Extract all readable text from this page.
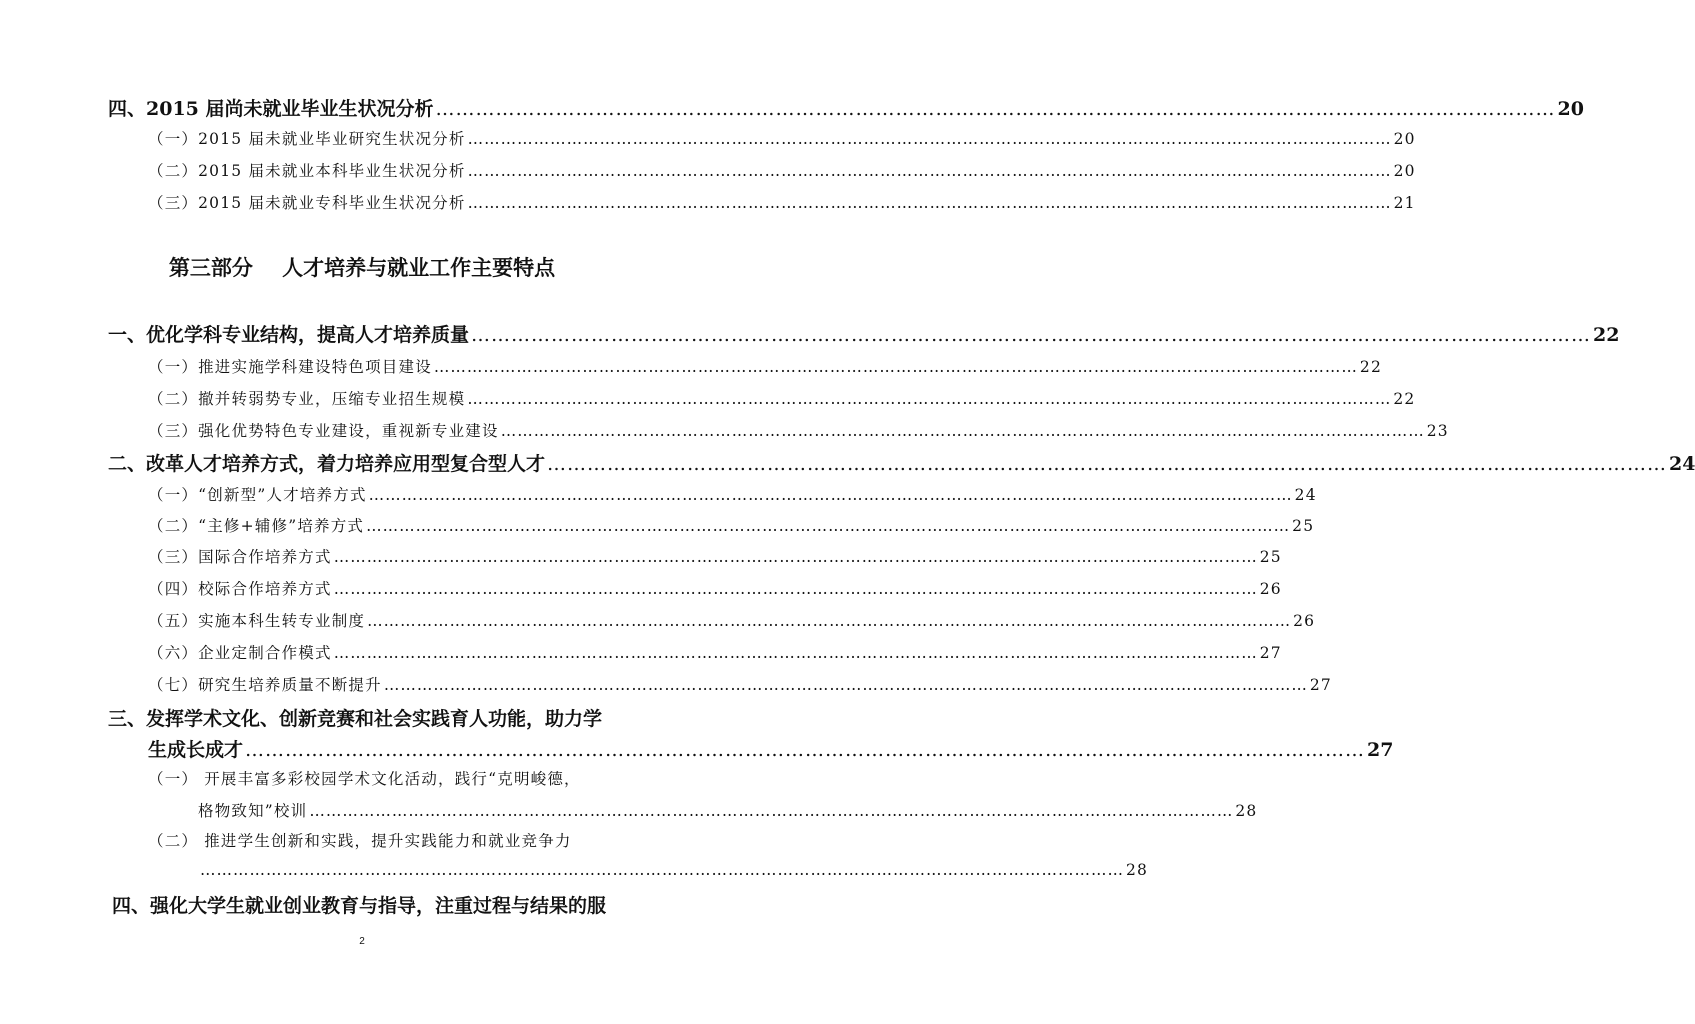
四、2015 届尚未就业毕业生状况分析 …………………………………………………………………………………………………………………………………………………… 20
（一）2015 届未就业毕业研究生状况分析 …………………………………………………………………………………………………………………………………………………… 20
（二）2015 届未就业本科毕业生状况分析 …………………………………………………………………………………………………………………………………………………… 20
（三）2015 届未就业专科毕业生状况分析 …………………………………………………………………………………………………………………………………………………… 21
第三部分    人才培养与就业工作主要特点
一、优化学科专业结构，提高人才培养质量 …………………………………………………………………………………………………………………………………………………… 22
（一）推进实施学科建设特色项目建设 …………………………………………………………………………………………………………………………………………………… 22
（二）撤并转弱势专业，压缩专业招生规模 …………………………………………………………………………………………………………………………………………………… 22
（三）强化优势特色专业建设，重视新专业建设 …………………………………………………………………………………………………………………………………………………… 23
二、改革人才培养方式，着力培养应用型复合型人才 …………………………………………………………………………………………………………………………………………………… 24
（一）“创新型”人才培养方式 …………………………………………………………………………………………………………………………………………………… 24
（二）“主修+辅修”培养方式 …………………………………………………………………………………………………………………………………………………… 25
（三）国际合作培养方式 …………………………………………………………………………………………………………………………………………………… 25
（四）校际合作培养方式 …………………………………………………………………………………………………………………………………………………… 26
（五）实施本科生转专业制度 …………………………………………………………………………………………………………………………………………………… 26
（六）企业定制合作模式 …………………………………………………………………………………………………………………………………………………… 27
（七）研究生培养质量不断提升 …………………………………………………………………………………………………………………………………………………… 27
三、发挥学术文化、创新竞赛和社会实践育人功能，助力学
生成长成才 …………………………………………………………………………………………………………………………………………………… 27
（一） 开展丰富多彩校园学术文化活动，践行“克明峻德，
格物致知”校训 …………………………………………………………………………………………………………………………………………………… 28
（二） 推进学生创新和实践，提升实践能力和就业竞争力
…………………………………………………………………………………………………………………………………………………… 28
四、强化大学生就业创业教育与指导，注重过程与结果的服
2
